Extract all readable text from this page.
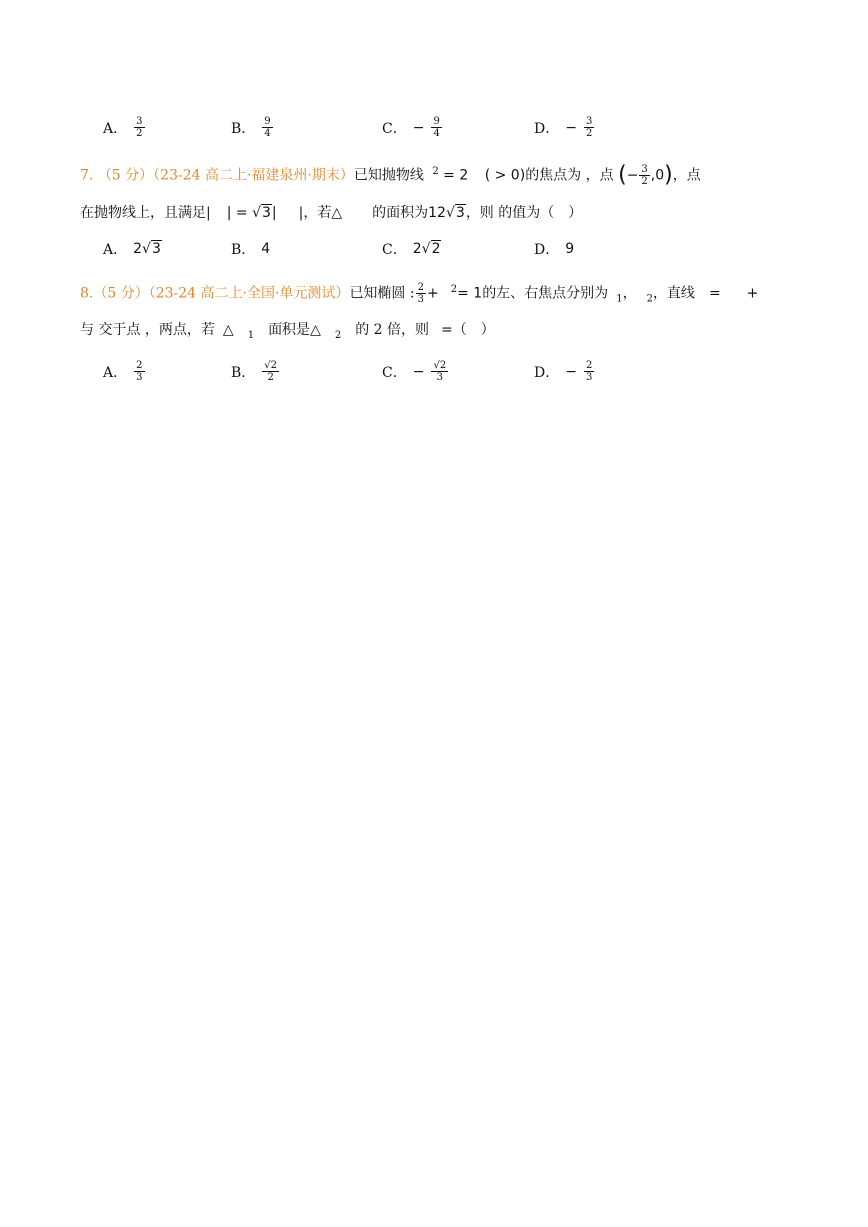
A． $\frac{3}{2}$	B． $\frac{9}{4}$	C． − $\frac{9}{4}$	D． − $\frac{3}{2}$
7. （5 分）（23-24 高二上·福建泉州·期末）已知抛物线 $^2$ = 2 ( > 0)的焦点为 ，点 (− $\frac{3}{2} ,0$)，点
在抛物线上，且满足| | = √3| |，若△ 的面积为12√3，则 的值为（　）
A． 2√3	B． 4	C． 2√2	D． 9
8.（5 分）（23-24 高二上·全国·单元测试）已知椭圆 : $\frac{2}{3} + ^2= 1$的左、右焦点分别为 $_1$， $_2$，直线 = +
与 交于点 ，两点，若 △ $_1$ 面积是△ $_2$ 的 2 倍，则 =（　）
A． $\frac{2}{3}$	B． $\frac{√2}{2}$	C． − $\frac{√2}{3}$	D． − $\frac{2}{3}$
